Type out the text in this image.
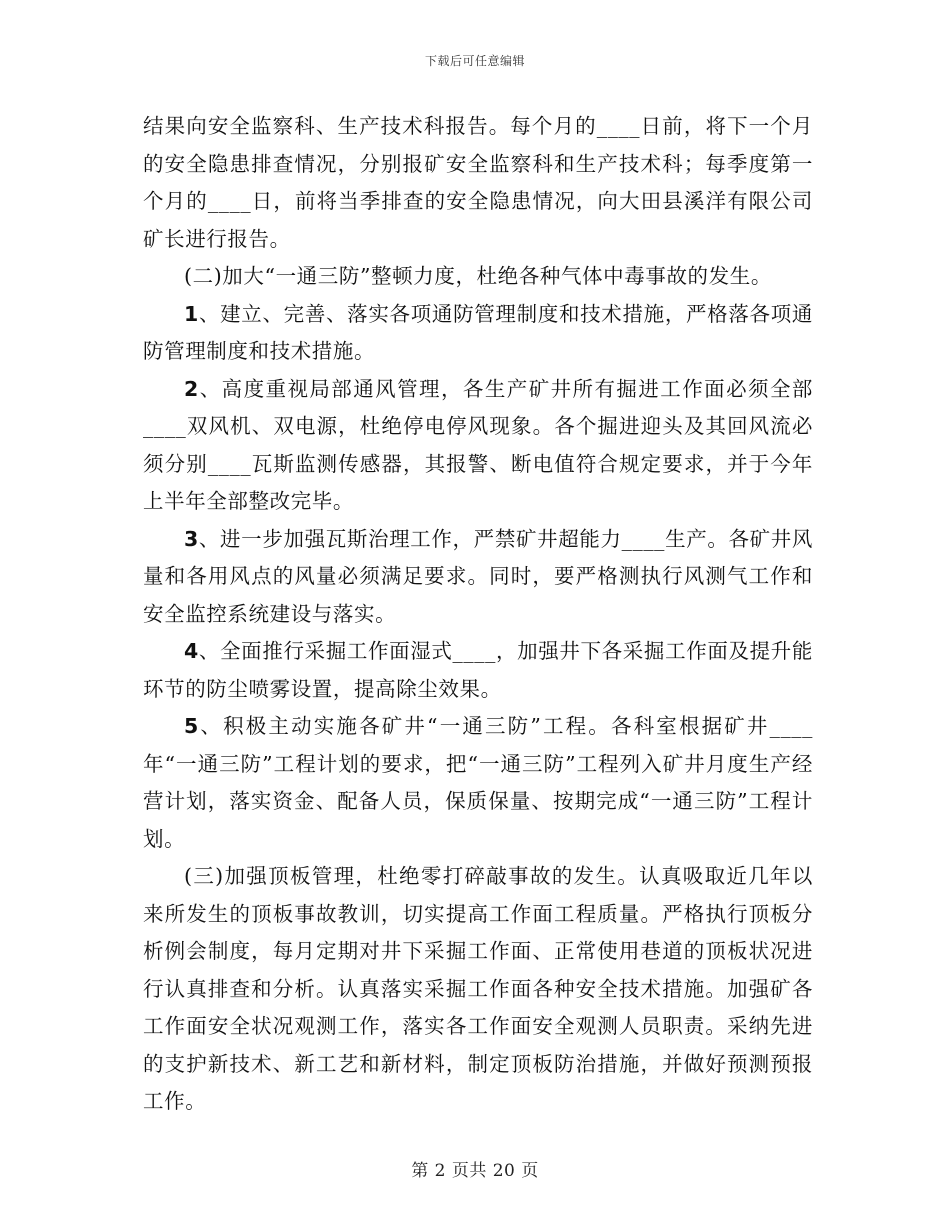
下载后可任意编辑

结果向安全监察科、生产技术科报告。每个月的____日前，将下一个月的安全隐患排查情况，分别报矿安全监察科和生产技术科；每季度第一个月的____日，前将当季排查的安全隐患情况，向大田县溪洋有限公司矿长进行报告。

(二)加大“一通三防”整顿力度，杜绝各种气体中毒事故的发生。

1、建立、完善、落实各项通防管理制度和技术措施，严格落各项通防管理制度和技术措施。

2、高度重视局部通风管理，各生产矿井所有掘进工作面必须全部____双风机、双电源，杜绝停电停风现象。各个掘进迎头及其回风流必须分别____瓦斯监测传感器，其报警、断电值符合规定要求，并于今年上半年全部整改完毕。

3、进一步加强瓦斯治理工作，严禁矿井超能力____生产。各矿井风量和各用风点的风量必须满足要求。同时，要严格测执行风测气工作和安全监控系统建设与落实。

4、全面推行采掘工作面湿式____，加强井下各采掘工作面及提升能环节的防尘喷雾设置，提高除尘效果。

5、积极主动实施各矿井“一通三防”工程。各科室根据矿井____年“一通三防”工程计划的要求，把“一通三防”工程列入矿井月度生产经营计划，落实资金、配备人员，保质保量、按期完成“一通三防”工程计划。

(三)加强顶板管理，杜绝零打碎敲事故的发生。认真吸取近几年以来所发生的顶板事故教训，切实提高工作面工程质量。严格执行顶板分析例会制度，每月定期对井下采掘工作面、正常使用巷道的顶板状况进行认真排查和分析。认真落实采掘工作面各种安全技术措施。加强矿各工作面安全状况观测工作，落实各工作面安全观测人员职责。采纳先进的支护新技术、新工艺和新材料，制定顶板防治措施，并做好预测预报工作。

第 2 页共 20 页
